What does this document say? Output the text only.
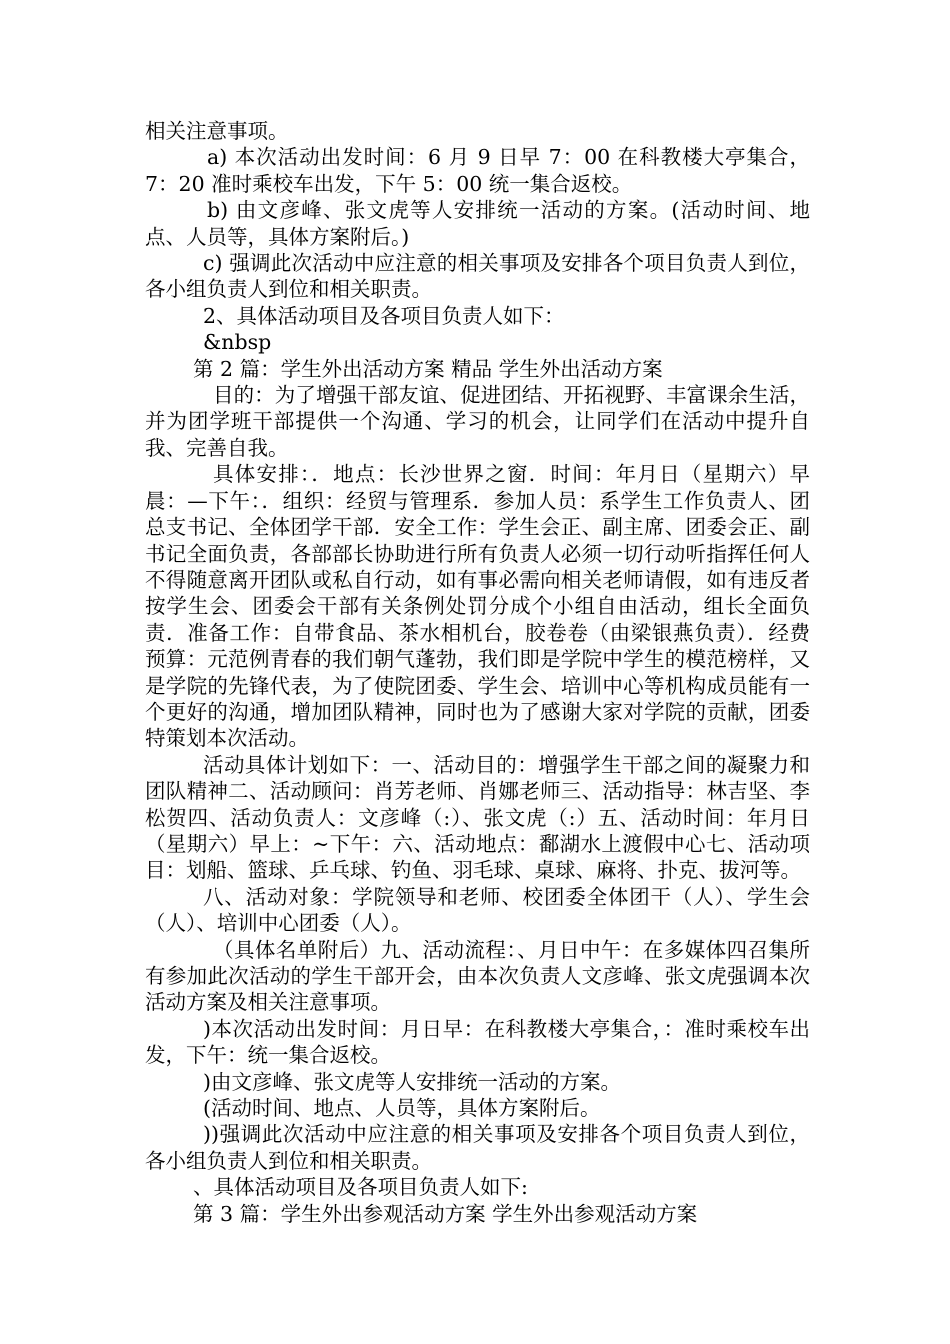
相关注意事项。

a) 本次活动出发时间：6 月 9 日早 7：00 在科教楼大亭集合，7：20 准时乘校车出发，下午 5：00 统一集合返校。

b) 由文彦峰、张文虎等人安排统一活动的方案。(活动时间、地点、人员等，具体方案附后。)

c) 强调此次活动中应注意的相关事项及安排各个项目负责人到位，各小组负责人到位和相关职责。

2、具体活动项目及各项目负责人如下：

&nbsp

第 2 篇：学生外出活动方案 精品 学生外出活动方案

目的：为了增强干部友谊、促进团结、开拓视野、丰富课余生活，并为团学班干部提供一个沟通、学习的机会，让同学们在活动中提升自我、完善自我。

具体安排：．地点：长沙世界之窗．时间：年月日（星期六）早晨：—下午：．组织：经贸与管理系．参加人员：系学生工作负责人、团总支书记、全体团学干部．安全工作：学生会正、副主席、团委会正、副书记全面负责，各部部长协助进行所有负责人必须一切行动听指挥任何人不得随意离开团队或私自行动，如有事必需向相关老师请假，如有违反者按学生会、团委会干部有关条例处罚分成个小组自由活动，组长全面负责．准备工作：自带食品、茶水相机台，胶卷卷（由梁银燕负责）．经费预算：元范例青春的我们朝气蓬勃，我们即是学院中学生的模范榜样，又是学院的先锋代表，为了使院团委、学生会、培训中心等机构成员能有一个更好的沟通，增加团队精神，同时也为了感谢大家对学院的贡献，团委特策划本次活动。

活动具体计划如下：一、活动目的：增强学生干部之间的凝聚力和团队精神二、活动顾问：肖芳老师、肖娜老师三、活动指导：林吉坚、李松贺四、活动负责人：文彦峰（:）、张文虎（:）五、活动时间：年月日（星期六）早上：~下午：六、活动地点：鄱湖水上渡假中心七、活动项目：划船、篮球、乒乓球、钓鱼、羽毛球、桌球、麻将、扑克、拔河等。

八、活动对象：学院领导和老师、校团委全体团干（人）、学生会（人）、培训中心团委（人）。

（具体名单附后）九、活动流程：、月日中午：在多媒体四召集所有参加此次活动的学生干部开会，由本次负责人文彦峰、张文虎强调本次活动方案及相关注意事项。

)本次活动出发时间：月日早：在科教楼大亭集合，：准时乘校车出发，下午：统一集合返校。

)由文彦峰、张文虎等人安排统一活动的方案。

(活动时间、地点、人员等，具体方案附后。

))强调此次活动中应注意的相关事项及安排各个项目负责人到位，各小组负责人到位和相关职责。

、具体活动项目及各项目负责人如下:

第 3 篇：学生外出参观活动方案 学生外出参观活动方案
